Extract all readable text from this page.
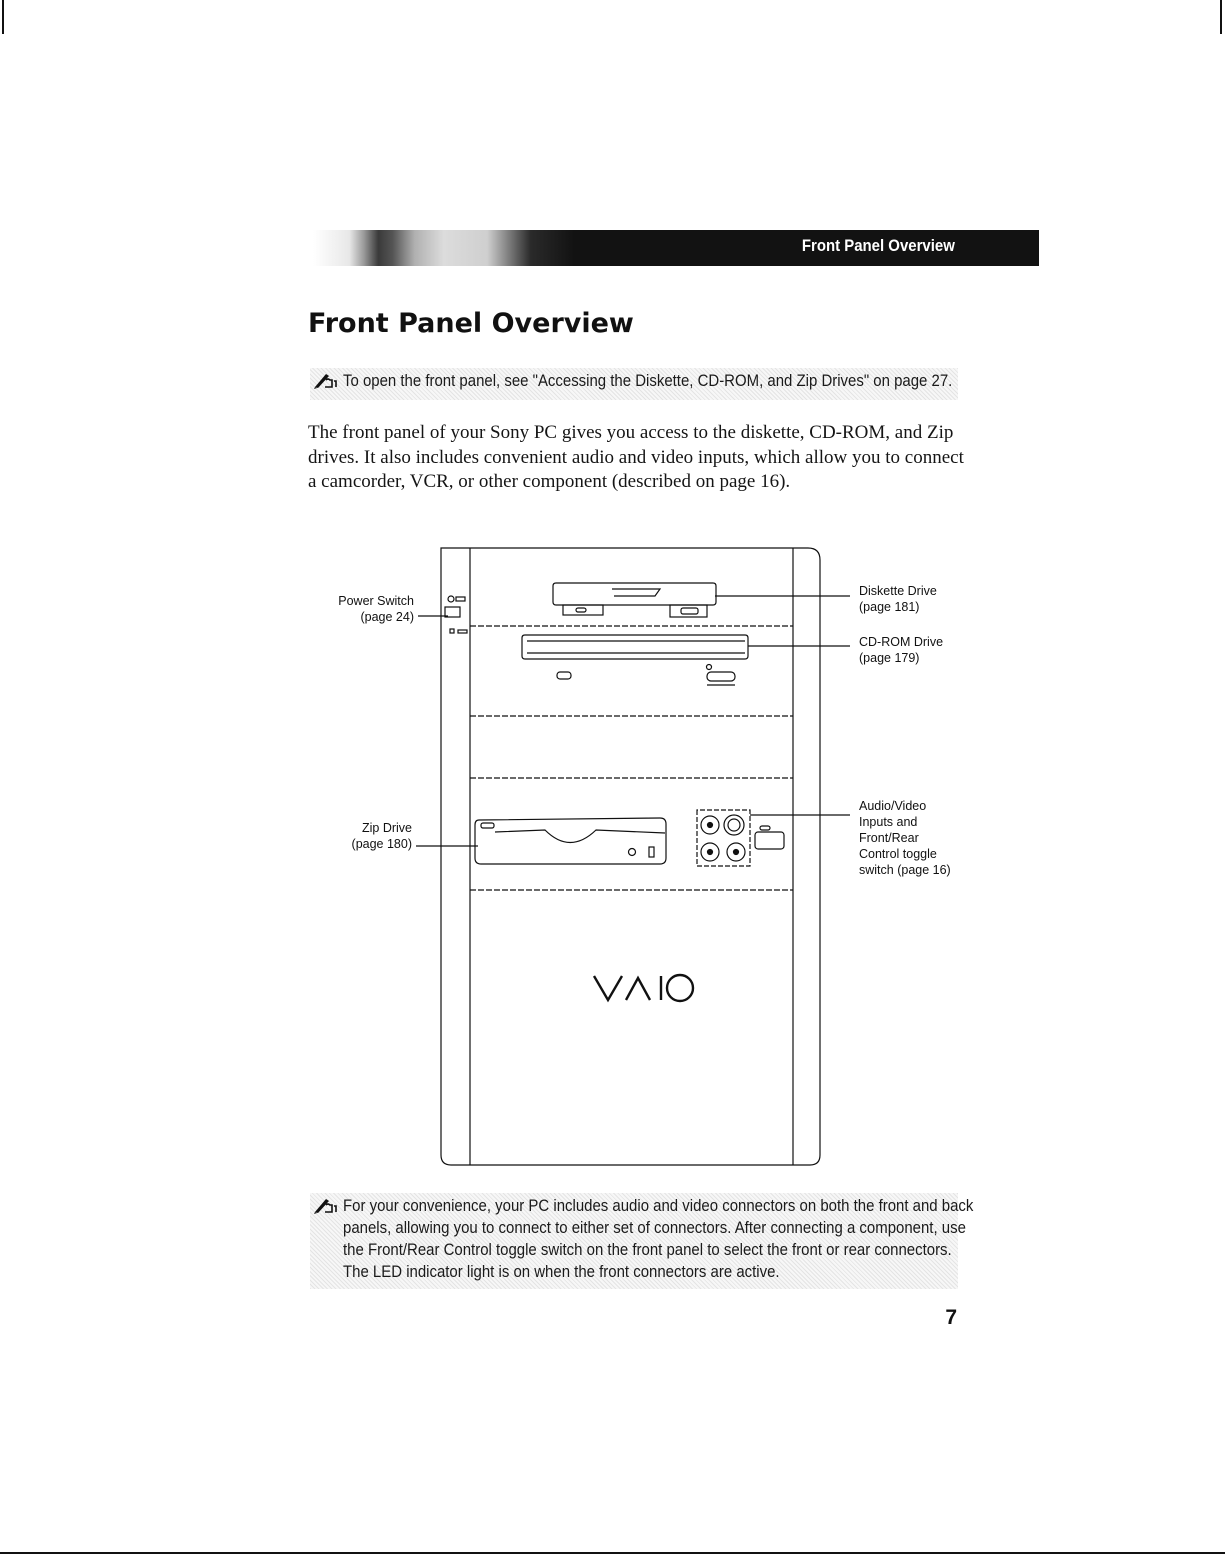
Front Panel Overview
Front Panel Overview
To open the front panel, see "Accessing the Diskette, CD-ROM, and Zip Drives" on page 27.

The front panel of your Sony PC gives you access to the diskette, CD-ROM, and Zip drives. It also includes convenient audio and video inputs, which allow you to connect a camcorder, VCR, or other component (described on page 16).

Power Switch
(page 24)
Zip Drive
(page 180)
Diskette Drive
(page 181)
CD-ROM Drive
(page 179)
Audio/Video
Inputs and
Front/Rear
Control toggle
switch (page 16)
For your convenience, your PC includes audio and video connectors on both the front and back panels, allowing you to connect to either set of connectors. After connecting a component, use the Front/Rear Control toggle switch on the front panel to select the front or rear connectors. The LED indicator light is on when the front connectors are active.
7
